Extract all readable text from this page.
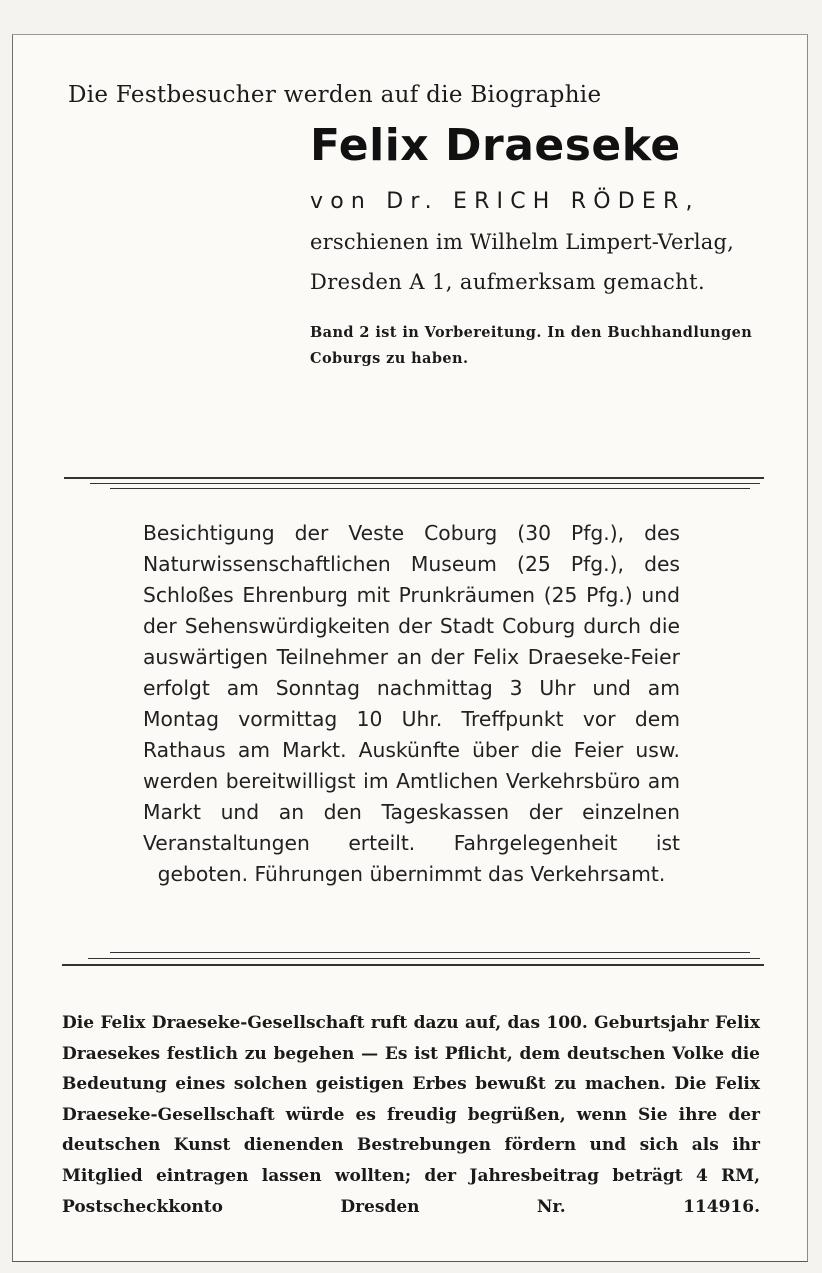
Die Festbesucher werden auf die Biographie
Felix Draeseke
von Dr. ERICH RÖDER,
erschienen im Wilhelm Limpert-Verlag,
Dresden A 1, aufmerksam gemacht.
Band 2 ist in Vorbereitung. In den Buchhandlungen
Coburgs zu haben.
Besichtigung der Veste Coburg (30 Pfg.), des Naturwissenschaftlichen Museum (25 Pfg.), des Schloßes Ehrenburg mit Prunkräumen (25 Pfg.) und der Sehenswürdigkeiten der Stadt Coburg durch die auswärtigen Teilnehmer an der Felix Draeseke-Feier erfolgt am Sonntag nachmittag 3 Uhr und am Montag vormittag 10 Uhr. Treffpunkt vor dem Rathaus am Markt. Auskünfte über die Feier usw. werden bereitwilligst im Amtlichen Verkehrsbüro am Markt und an den Tageskassen der einzelnen Veranstaltungen erteilt. Fahrgelegenheit ist geboten. Führungen übernimmt das Verkehrsamt.
Die Felix Draeseke-Gesellschaft ruft dazu auf, das 100. Geburtsjahr Felix Draesekes festlich zu begehen — Es ist Pflicht, dem deutschen Volke die Bedeutung eines solchen geistigen Erbes bewußt zu machen. Die Felix Draeseke-Gesellschaft würde es freudig begrüßen, wenn Sie ihre der deutschen Kunst dienenden Bestrebungen fördern und sich als ihr Mitglied eintragen lassen wollten; der Jahresbeitrag beträgt 4 RM, Postscheckkonto Dresden Nr. 114916.
